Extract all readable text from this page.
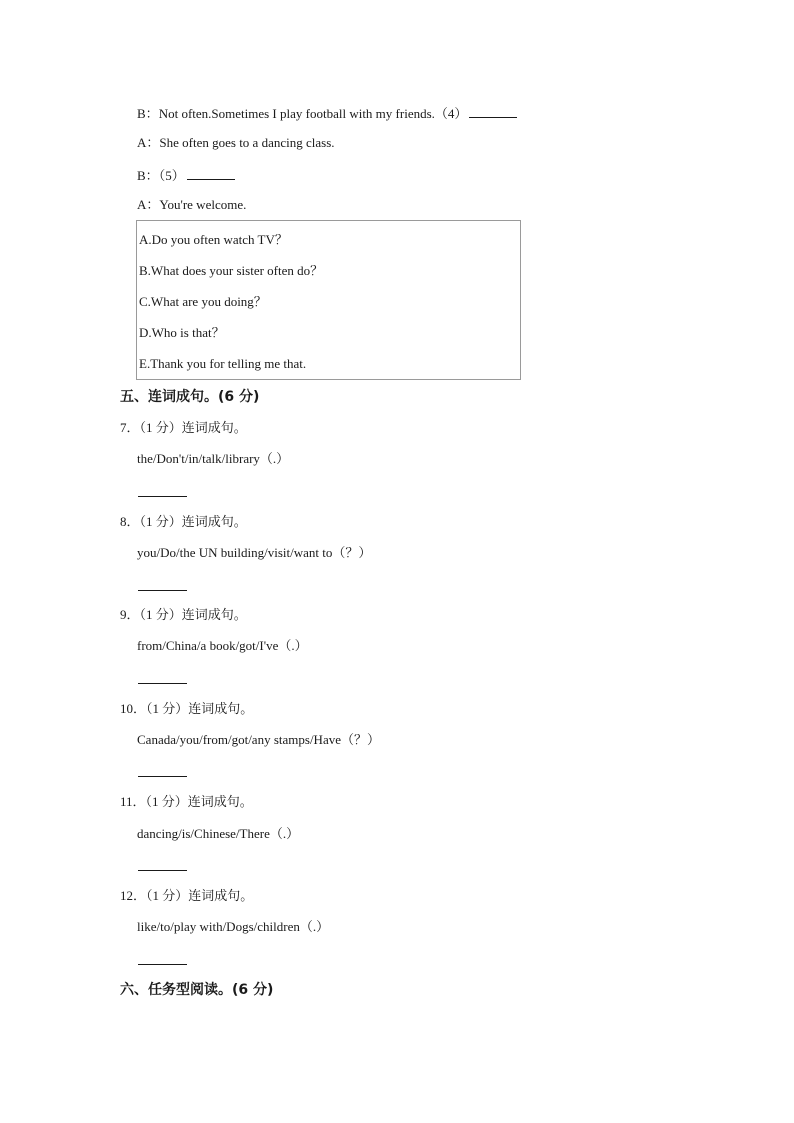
B：Not often.Sometimes I play football with my friends.（4）
A：She often goes to a dancing class.
B：（5）
A：You're welcome.
A.Do you often watch TV？
B.What does your sister often do？
C.What are you doing？
D.Who is that？
E.Thank you for telling me that.
五、连词成句。(6 分)
7．（1 分）连词成句。
the/Don't/in/talk/library（.）
8．（1 分）连词成句。
you/Do/the UN building/visit/want to（？）
9．（1 分）连词成句。
from/China/a book/got/I've（.）
10．（1 分）连词成句。
Canada/you/from/got/any stamps/Have（？）
11．（1 分）连词成句。
dancing/is/Chinese/There（.）
12．（1 分）连词成句。
like/to/play with/Dogs/children（.）
六、任务型阅读。(6 分)
